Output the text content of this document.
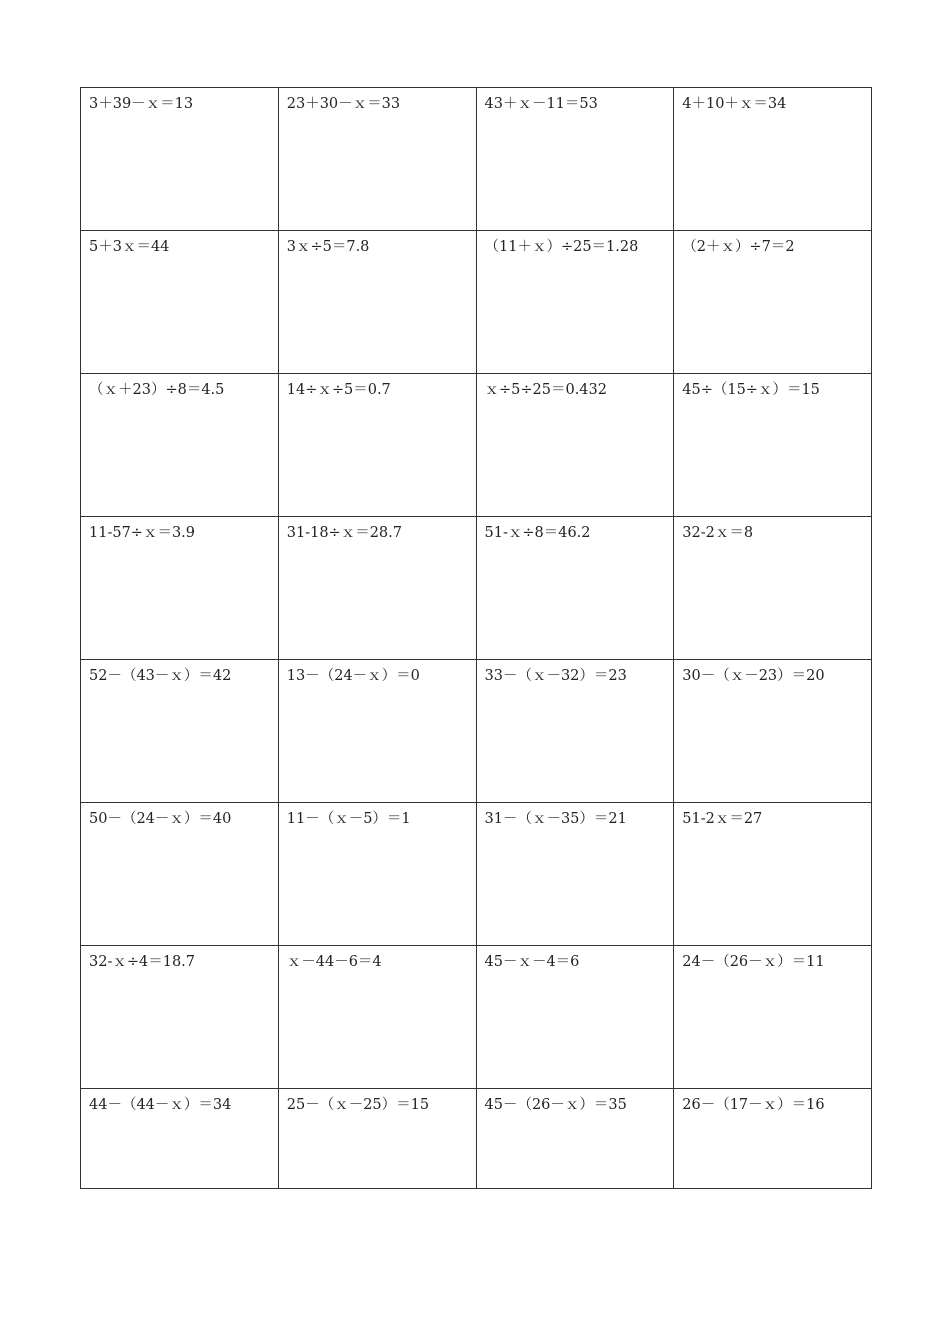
3＋39－ｘ＝13	23＋30－ｘ＝33	43＋ｘ－11＝53	4＋10＋ｘ＝34
5＋3ｘ＝44	3ｘ÷5＝7.8	（11＋ｘ）÷25＝1.28	（2＋ｘ）÷7＝2
（ｘ＋23）÷8＝4.5	14÷ｘ÷5＝0.7	ｘ÷5÷25＝0.432	45÷（15÷ｘ）＝15
11-57÷ｘ＝3.9	31-18÷ｘ＝28.7	51-ｘ÷8＝46.2	32-2ｘ＝8
52－（43－ｘ）＝42	13－（24－ｘ）＝0	33－（ｘ－32）＝23	30－（ｘ－23）＝20
50－（24－ｘ）＝40	11－（ｘ－5）＝1	31－（ｘ－35）＝21	51-2ｘ＝27
32-ｘ÷4＝18.7	ｘ－44－6＝4	45－ｘ－4＝6	24－（26－ｘ）＝11
44－（44－ｘ）＝34	25－（ｘ－25）＝15	45－（26－ｘ）＝35	26－（17－ｘ）＝16
